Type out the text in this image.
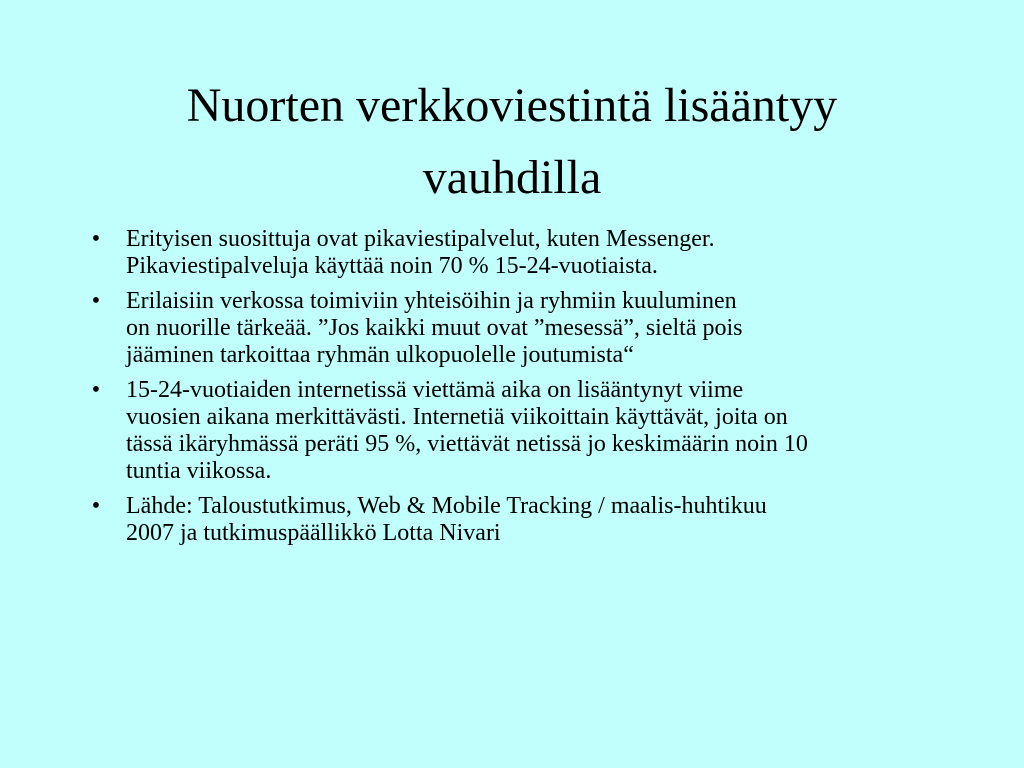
Nuorten verkkoviestintä lisääntyy
vauhdilla
• Erityisen suosittuja ovat pikaviestipalvelut, kuten Messenger.
Pikaviestipalveluja käyttää noin 70 % 15-24-vuotiaista.
• Erilaisiin verkossa toimiviin yhteisöihin ja ryhmiin kuuluminen
on nuorille tärkeää. ”Jos kaikki muut ovat ”mesessä”, sieltä pois
jääminen tarkoittaa ryhmän ulkopuolelle joutumista“
• 15-24-vuotiaiden internetissä viettämä aika on lisääntynyt viime
vuosien aikana merkittävästi. Internetiä viikoittain käyttävät, joita on
tässä ikäryhmässä peräti 95 %, viettävät netissä jo keskimäärin noin 10
tuntia viikossa.
• Lähde: Taloustutkimus, Web & Mobile Tracking / maalis-huhtikuu
2007 ja tutkimuspäällikkö Lotta Nivari
